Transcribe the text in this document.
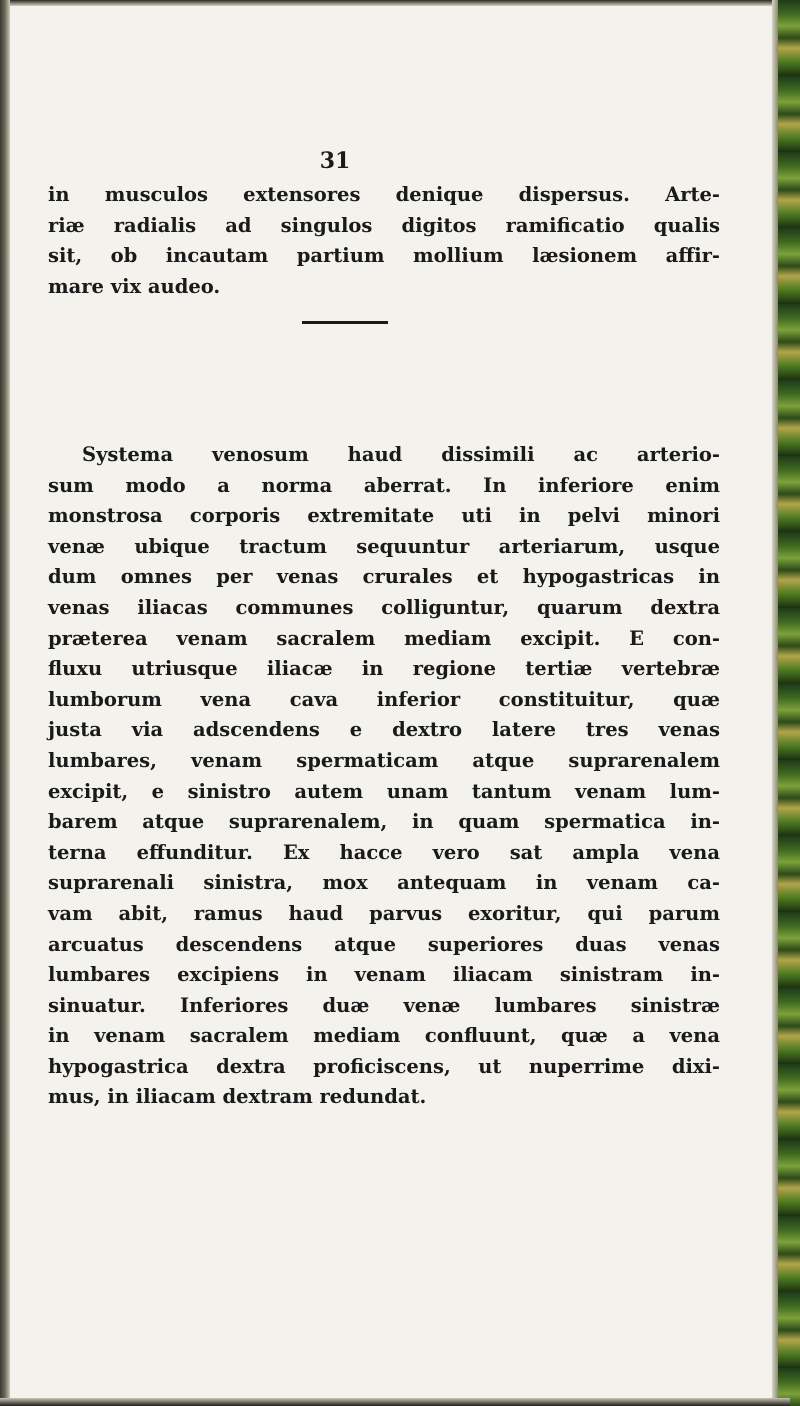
31
in musculos extensores denique dispersus. Arte-
riæ radialis ad singulos digitos ramificatio qualis
sit, ob incautam partium mollium læsionem affir-
mare vix audeo.
Systema venosum haud dissimili ac arterio-
sum modo a norma aberrat. In inferiore enim
monstrosa corporis extremitate uti in pelvi minori
venæ ubique tractum sequuntur arteriarum, usque
dum omnes per venas crurales et hypogastricas in
venas iliacas communes colliguntur, quarum dextra
præterea venam sacralem mediam excipit. E con-
fluxu utriusque iliacæ in regione tertiæ vertebræ
lumborum vena cava inferior constituitur, quæ
justa via adscendens e dextro latere tres venas
lumbares, venam spermaticam atque suprarenalem
excipit, e sinistro autem unam tantum venam lum-
barem atque suprarenalem, in quam spermatica in-
terna effunditur. Ex hacce vero sat ampla vena
suprarenali sinistra, mox antequam in venam ca-
vam abit, ramus haud parvus exoritur, qui parum
arcuatus descendens atque superiores duas venas
lumbares excipiens in venam iliacam sinistram in-
sinuatur. Inferiores duæ venæ lumbares sinistræ
in venam sacralem mediam confluunt, quæ a vena
hypogastrica dextra proficiscens, ut nuperrime dixi-
mus, in iliacam dextram redundat.
